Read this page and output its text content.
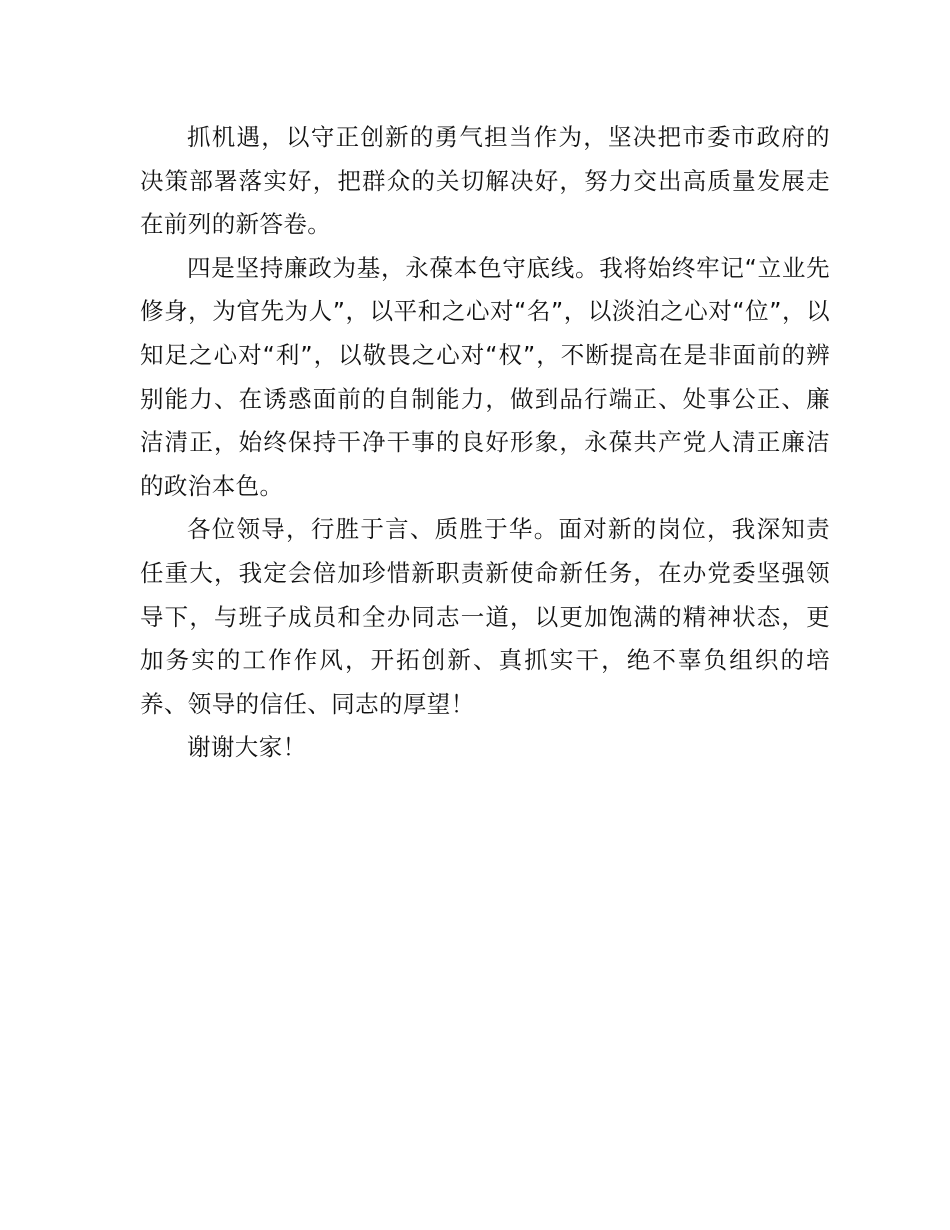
抓机遇，以守正创新的勇气担当作为，坚决把市委市政府的决策部署落实好，把群众的关切解决好，努力交出高质量发展走在前列的新答卷。

四是坚持廉政为基，永葆本色守底线。我将始终牢记“立业先修身，为官先为人”，以平和之心对“名”，以淡泊之心对“位”，以知足之心对“利”，以敬畏之心对“权”，不断提高在是非面前的辨别能力、在诱惑面前的自制能力，做到品行端正、处事公正、廉洁清正，始终保持干净干事的良好形象，永葆共产党人清正廉洁的政治本色。

各位领导，行胜于言、质胜于华。面对新的岗位，我深知责任重大，我定会倍加珍惜新职责新使命新任务，在办党委坚强领导下，与班子成员和全办同志一道，以更加饱满的精神状态，更加务实的工作作风，开拓创新、真抓实干，绝不辜负组织的培养、领导的信任、同志的厚望！

谢谢大家！
